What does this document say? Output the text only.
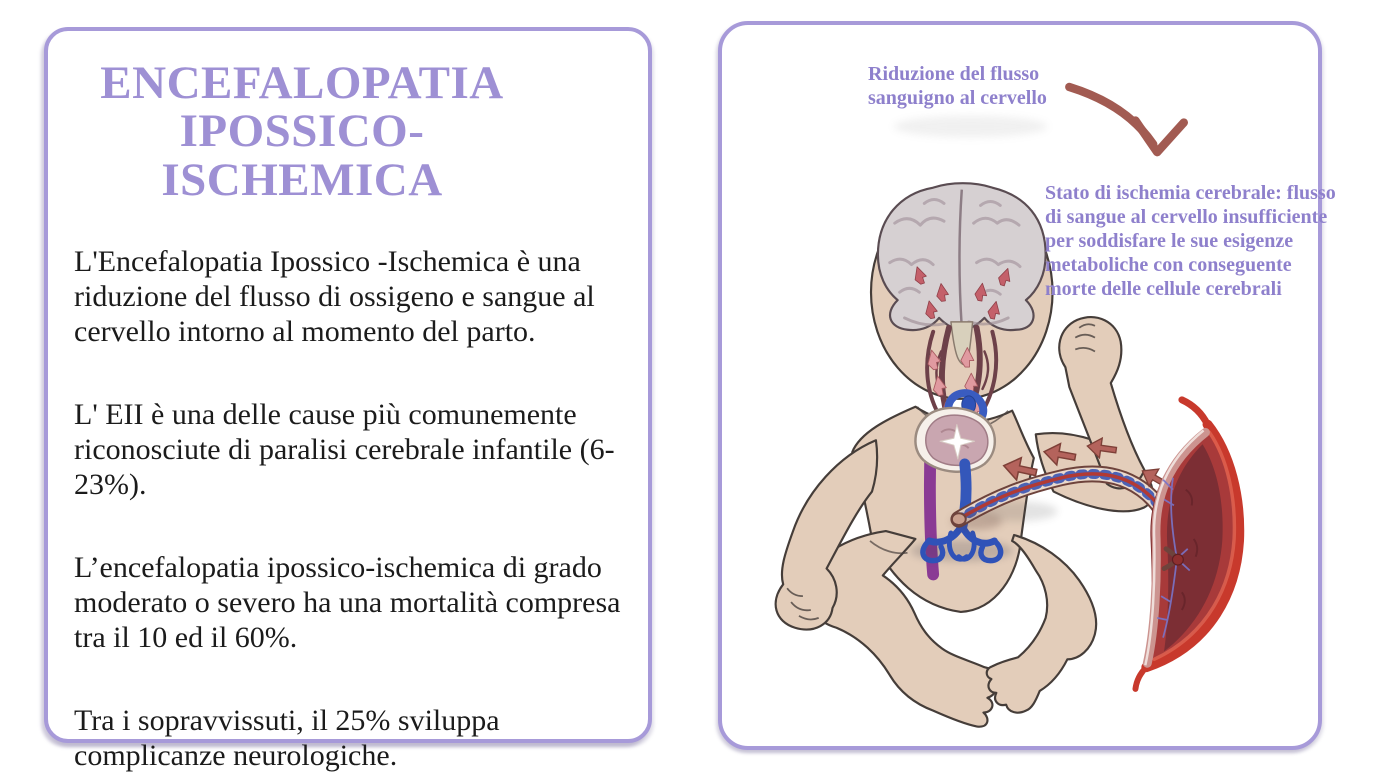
ENCEFALOPATIA IPOSSICO-ISCHEMICA

L'Encefalopatia Ipossico -Ischemica è una riduzione del flusso di ossigeno e sangue al cervello intorno al momento del parto.

L' EII è una delle cause più comunemente riconosciute di paralisi cerebrale infantile (6-23%).

L’encefalopatia ipossico-ischemica di grado moderato o severo ha una mortalità compresa tra il 10 ed il 60%.

Tra i sopravvissuti, il 25% sviluppa complicanze neurologiche.

Riduzione del flusso sanguigno al cervello
Stato di ischemia cerebrale: flusso di sangue al cervello insufficiente per soddisfare le sue esigenze metaboliche con conseguente morte delle cellule cerebrali
